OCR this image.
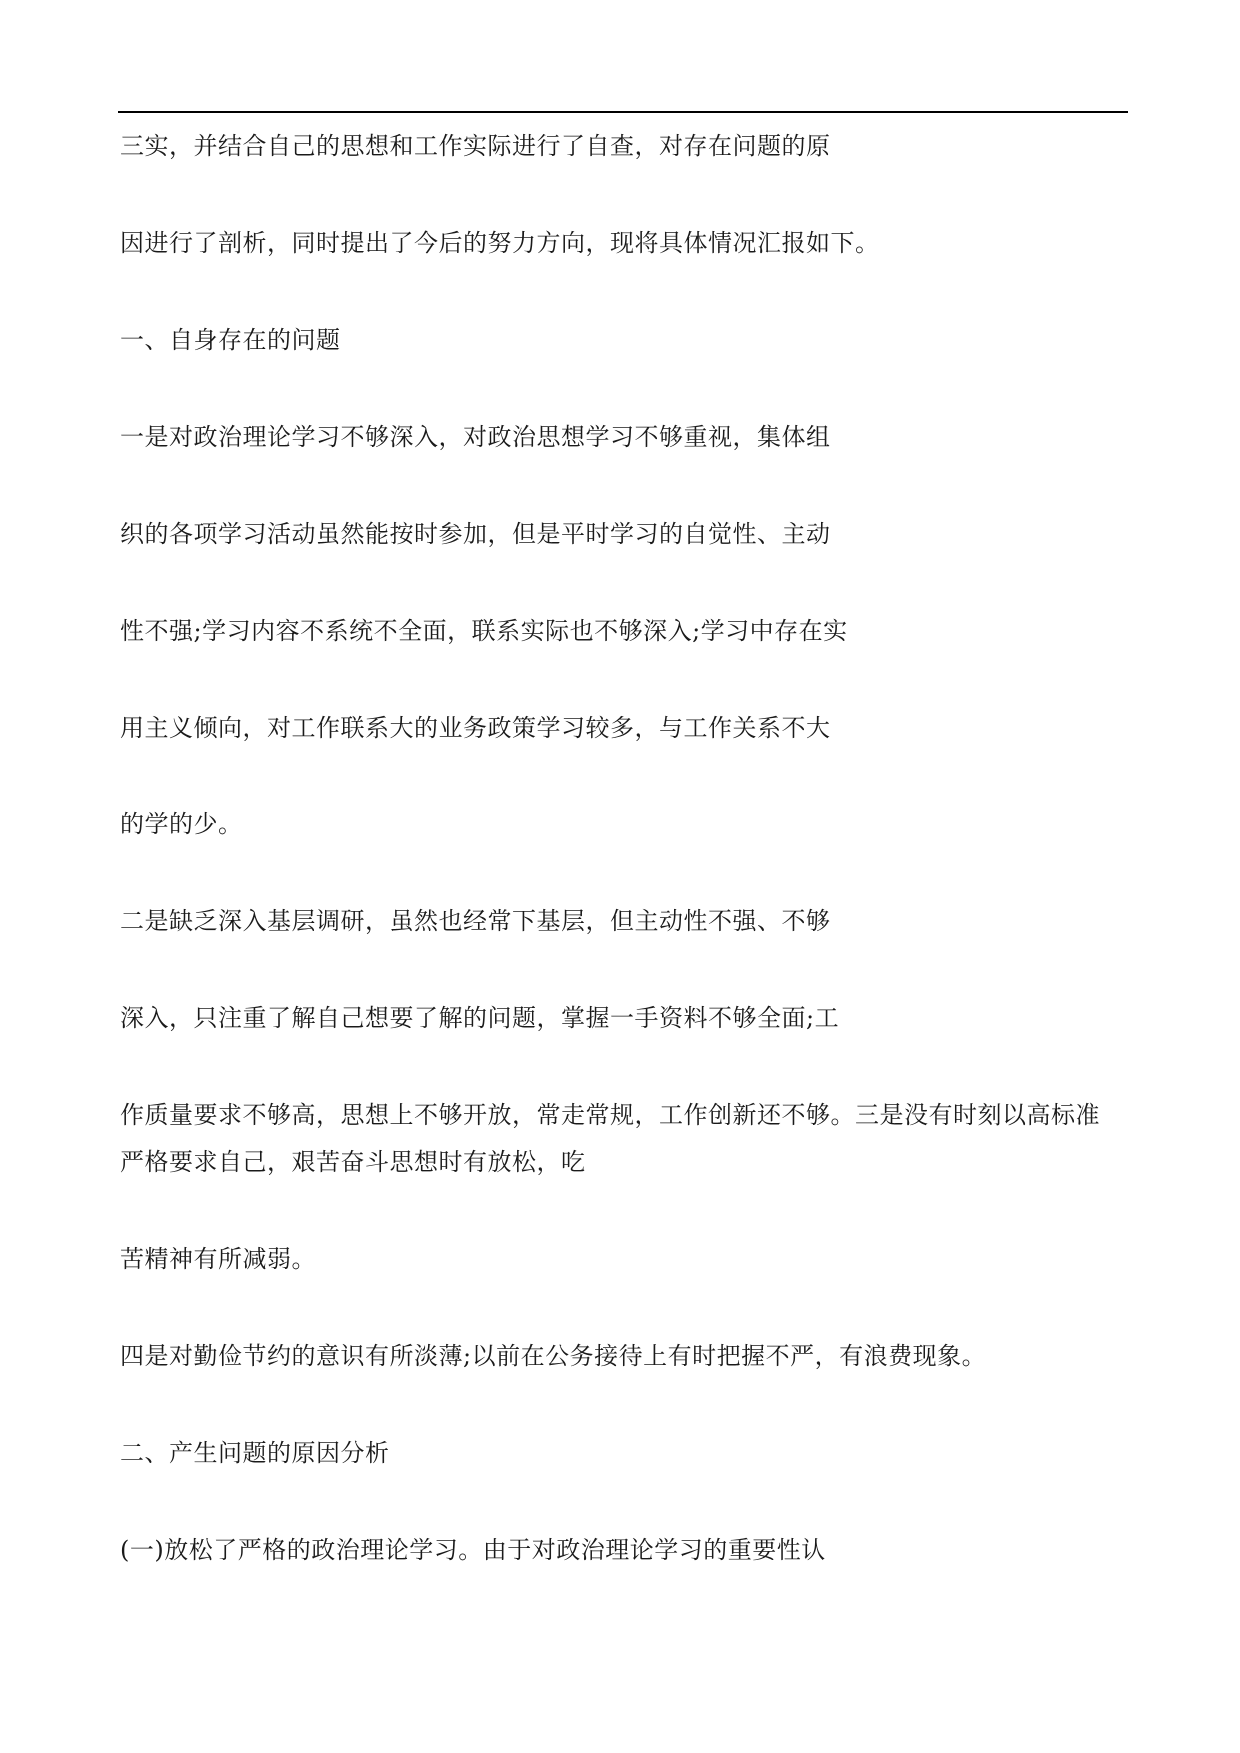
三实，并结合自己的思想和工作实际进行了自查，对存在问题的原
因进行了剖析，同时提出了今后的努力方向，现将具体情况汇报如下。
一、自身存在的问题
一是对政治理论学习不够深入，对政治思想学习不够重视，集体组
织的各项学习活动虽然能按时参加，但是平时学习的自觉性、主动
性不强;学习内容不系统不全面，联系实际也不够深入;学习中存在实
用主义倾向，对工作联系大的业务政策学习较多，与工作关系不大
的学的少。
二是缺乏深入基层调研，虽然也经常下基层，但主动性不强、不够
深入，只注重了解自己想要了解的问题，掌握一手资料不够全面;工
作质量要求不够高，思想上不够开放，常走常规，工作创新还不够。三是没有时刻以高标准
严格要求自己，艰苦奋斗思想时有放松，吃
苦精神有所减弱。
四是对勤俭节约的意识有所淡薄;以前在公务接待上有时把握不严，有浪费现象。
二、产生问题的原因分析
(一)放松了严格的政治理论学习。由于对政治理论学习的重要性认
